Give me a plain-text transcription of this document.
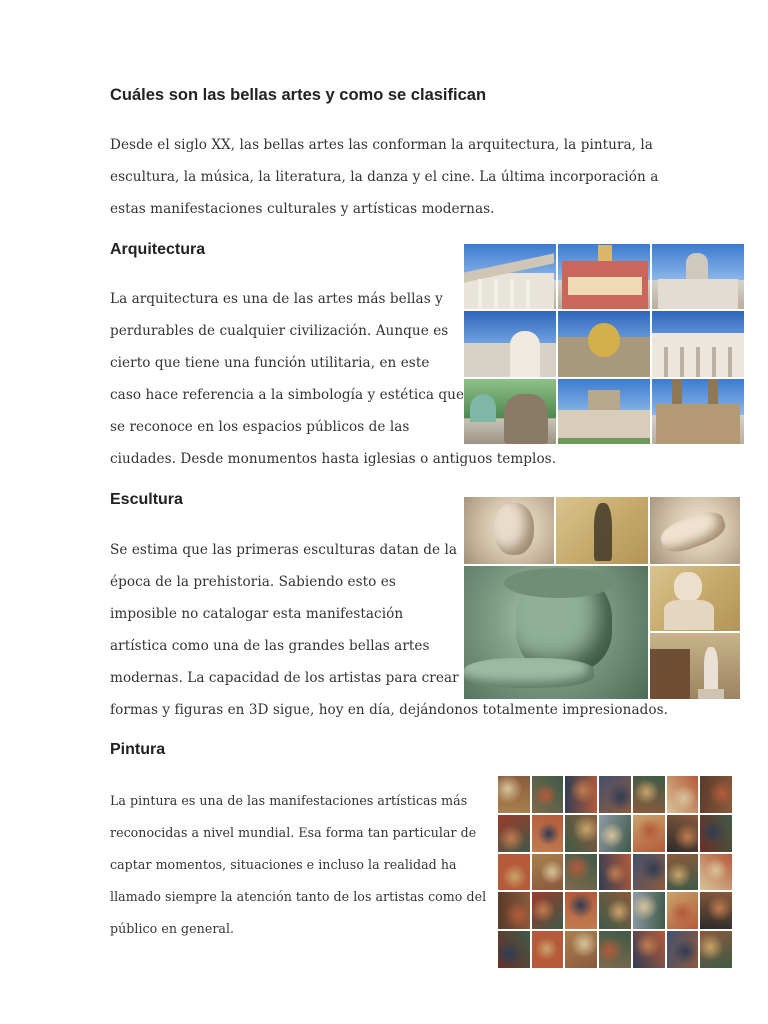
Cuáles son las bellas artes y como se clasifican

Desde el siglo XX, las bellas artes las conforman la arquitectura, la pintura, la
escultura, la música, la literatura, la danza y el cine. La última incorporación a
estas manifestaciones culturales y artísticas modernas.

Arquitectura

La arquitectura es una de las artes más bellas y
perdurables de cualquier civilización. Aunque es
cierto que tiene una función utilitaria, en este
caso hace referencia a la simbología y estética que
se reconoce en los espacios públicos de las
ciudades. Desde monumentos hasta iglesias o antiguos templos.

Escultura

Se estima que las primeras esculturas datan de la
época de la prehistoria. Sabiendo esto es
imposible no catalogar esta manifestación
artística como una de las grandes bellas artes
modernas. La capacidad de los artistas para crear
formas y figuras en 3D sigue, hoy en día, dejándonos totalmente impresionados.

Pintura

La pintura es una de las manifestaciones artísticas más
reconocidas a nivel mundial. Esa forma tan particular de
captar momentos, situaciones e incluso la realidad ha
llamado siempre la atención tanto de los artistas como del
público en general.
